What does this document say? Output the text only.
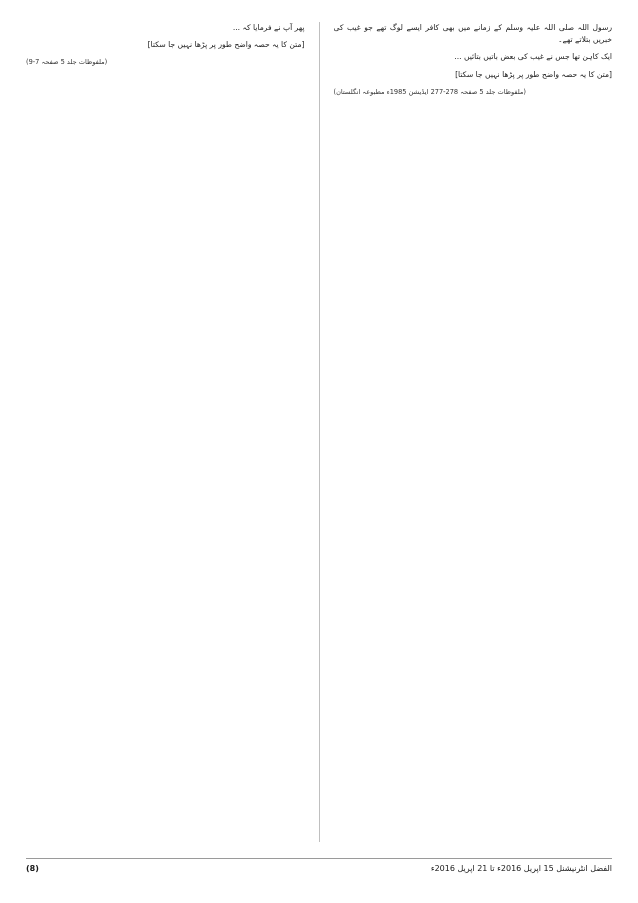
رسول اللہ صلی اللہ علیہ وسلم کے زمانے میں بھی کافر ایسے لوگ تھے جو غیب کی خبریں بتلاتے تھے۔

ایک کاہن تھا جس نے غیب کی بعض باتیں بتائیں ...

[متن کا یہ حصہ واضح طور پر پڑھا نہیں جا سکتا]

(ملفوظات جلد 5 صفحہ 278-277 ایڈیشن 1985ء مطبوعہ انگلستان)

پھر آپ نے فرمایا کہ ...

[متن کا یہ حصہ واضح طور پر پڑھا نہیں جا سکتا]

(ملفوظات جلد 5 صفحہ 7-9)
(8)	الفضل انٹرنیشنل 15 اپریل 2016ء تا 21 اپریل 2016ء
